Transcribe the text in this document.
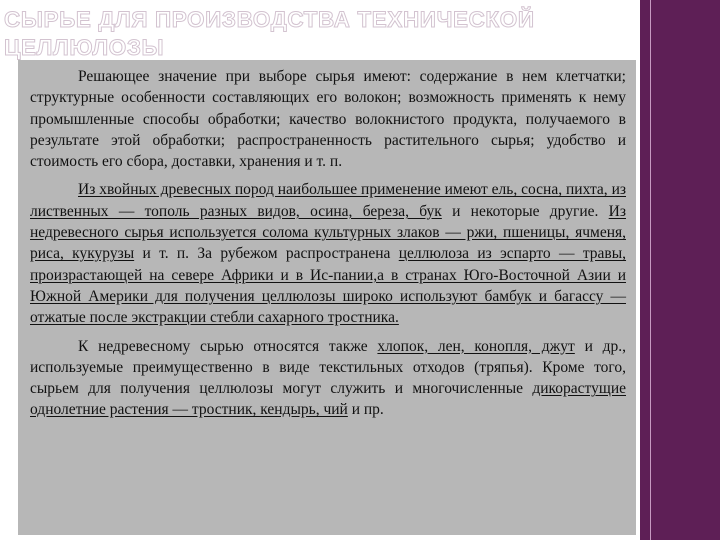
СЫРЬЕ ДЛЯ ПРОИЗВОДСТВА ТЕХНИЧЕСКОЙ
ЦЕЛЛЮЛОЗЫ

Решающее значение при выборе сырья имеют: содержание в нем клетчатки; структурные особенности составляющих его волокон; возможность применять к нему промышленные способы обработки; качество волокнистого продукта, получаемого в результате этой обработки; распространенность растительного сырья; удобство и стоимость его сбора, доставки, хранения и т. п.

Из хвойных древесных пород наибольшее применение имеют ель, сосна, пихта, из лиственных — тополь разных видов, осина, береза, бук и некоторые другие. Из недревесного сырья используется солома культурных злаков — ржи, пшеницы, ячменя, риса, кукурузы и т. п. За рубежом распространена целлюлоза из эспарто — травы, произрастающей на севере Африки и в Ис-пании,а в странах Юго-Восточной Азии и Южной Америки для получения целлюлозы широко используют бамбук и багассу — отжатые после экстракции стебли сахарного тростника.

К недревесному сырью относятся также хлопок, лен, конопля, джут и др., используемые преимущественно в виде текстильных отходов (тряпья). Кроме того, сырьем для получения целлюлозы могут служить и многочисленные дикорастущие однолетние растения — тростник, кендырь, чий и пр.
